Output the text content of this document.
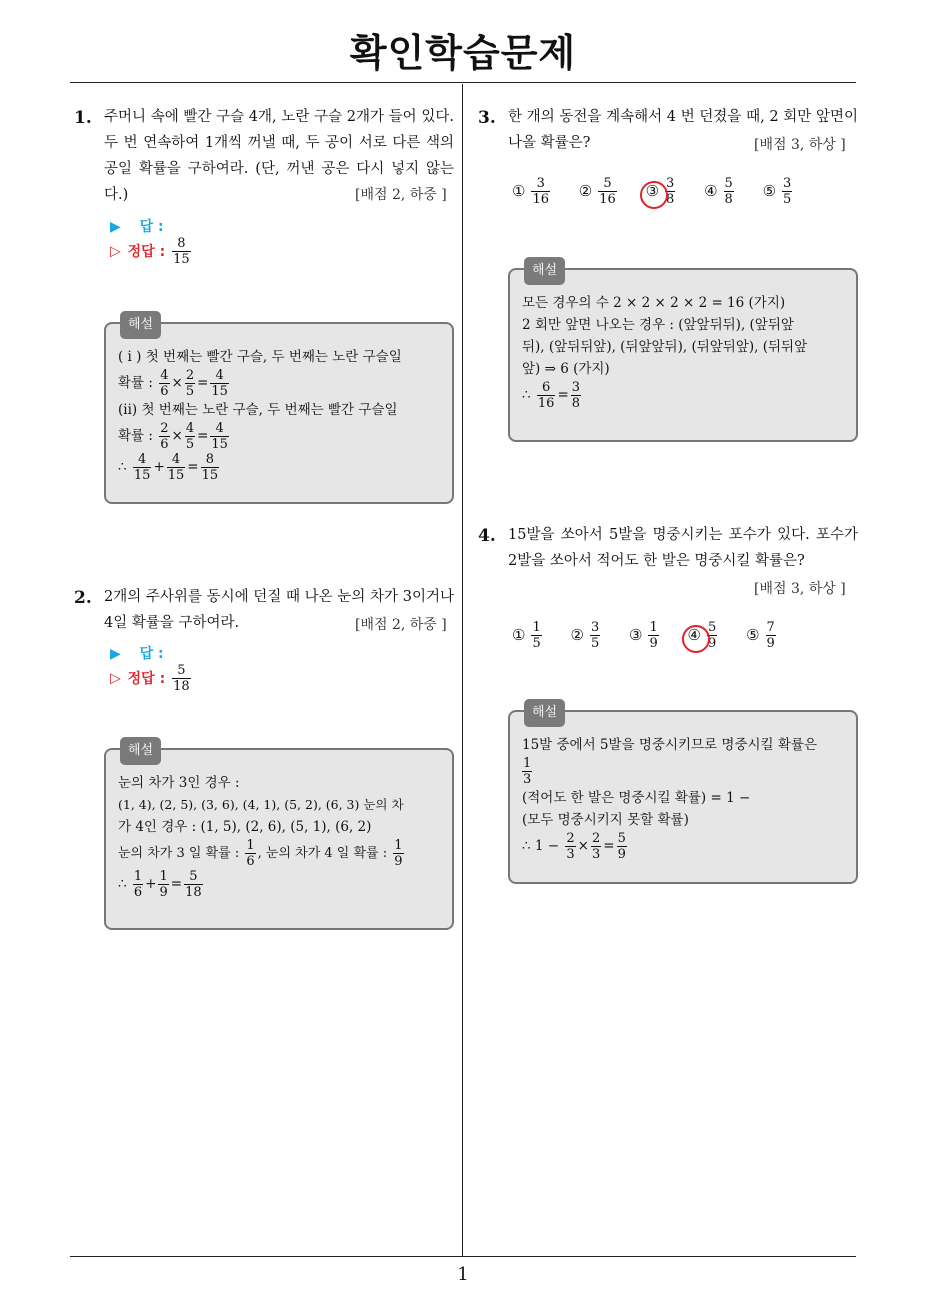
확인학습문제
1
1. 주머니 속에 빨간 구슬 4개, 노란 구슬 2개가 들어 있다. 두 번 연속하여 1개씩 꺼낼 때, 두 공이 서로 다른 색의 공일 확률을 구하여라. (단, 꺼낸 공은 다시 넣지 않는다.)	[배점 2, 하중 ]
▶ 답 :
▷ 정답 : $\frac{8}{15}$
해설
( i ) 첫 번째는 빨간 구슬, 두 번째는 노란 구슬일
확률 : $\frac{4}{6} \times \frac{2}{5} = \frac{4}{15}$
(ii) 첫 번째는 노란 구슬, 두 번째는 빨간 구슬일
확률 : $\frac{2}{6} \times \frac{4}{5} = \frac{4}{15}$
∴ $\frac{4}{15} + \frac{4}{15} = \frac{8}{15}$
2. 2개의 주사위를 동시에 던질 때 나온 눈의 차가 3이거나 4일 확률을 구하여라.	[배점 2, 하중 ]
▶ 답 :
▷ 정답 : $\frac{5}{18}$
해설
눈의 차가 3인 경우 :
(1, 4), (2, 5), (3, 6), (4, 1), (5, 2), (6, 3) 눈의 차
가 4인 경우 : (1, 5), (2, 6), (5, 1), (6, 2)
눈의 차가 3 일 확률 : $\frac{1}{6}$ , 눈의 차가 4 일 확률 : $\frac{1}{9}$
∴ $\frac{1}{6} + \frac{1}{9} = \frac{5}{18}$
3. 한 개의 동전을 계속해서 4 번 던졌을 때, 2 회만 앞면이 나올 확률은?	[배점 3, 하상 ]
① $\frac{3}{16}$ ② $\frac{5}{16}$
③ $\frac{3}{8}$ ④ $\frac{5}{8}$ ⑤ $\frac{3}{5}$
해설
모든 경우의 수 2 × 2 × 2 × 2 = 16 (가지)
2 회만 앞면 나오는 경우 : (앞앞뒤뒤), (앞뒤앞
뒤), (앞뒤뒤앞), (뒤앞앞뒤), (뒤앞뒤앞), (뒤뒤앞
앞) ⇒ 6 (가지)
∴ $\frac{6}{16} = \frac{3}{8}$
4. 15발을 쏘아서 5발을 명중시키는 포수가 있다. 포수가 2발을 쏘아서 적어도 한 발은 명중시킬 확률은?
[배점 3, 하상 ]
① $\frac{1}{5}$ ② $\frac{3}{5}$ ③ $\frac{1}{9}$
④ $\frac{5}{9}$ ⑤ $\frac{7}{9}$
해설
15발 중에서 5발을 명중시키므로 명중시킬 확률은
$\frac{1}{3}$
(적어도 한 발은 명중시킬 확률) = 1 −
(모두 명중시키지 못할 확률)
∴ $1 - \frac{2}{3} \times \frac{2}{3} = \frac{5}{9}$
